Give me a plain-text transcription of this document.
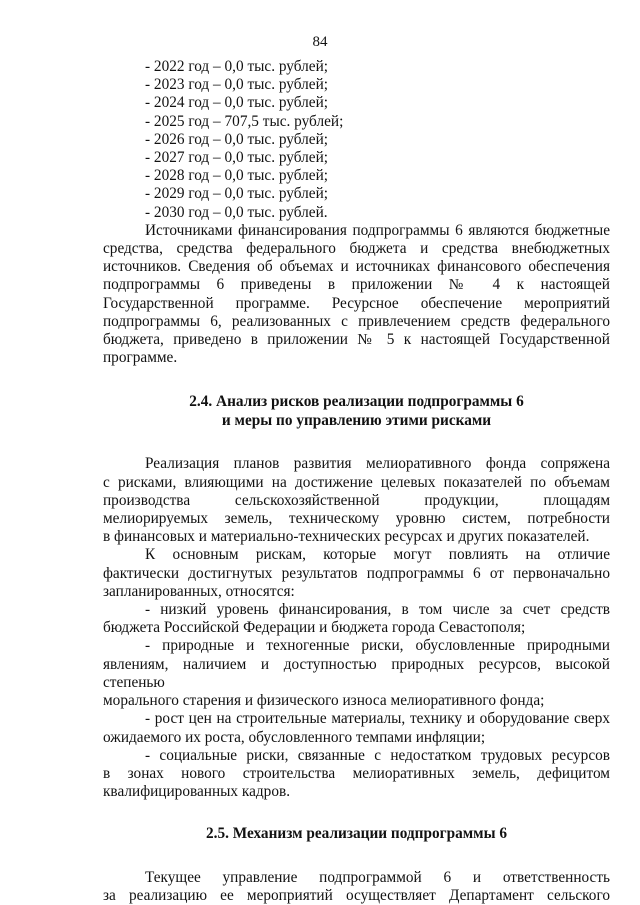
84
- 2022 год – 0,0 тыс. рублей;
- 2023 год – 0,0 тыс. рублей;
- 2024 год – 0,0 тыс. рублей;
- 2025 год – 707,5 тыс. рублей;
- 2026 год – 0,0 тыс. рублей;
- 2027 год – 0,0 тыс. рублей;
- 2028 год – 0,0 тыс. рублей;
- 2029 год – 0,0 тыс. рублей;
- 2030 год – 0,0 тыс. рублей.
Источниками финансирования подпрограммы 6 являются бюджетные
средства, средства федерального бюджета и средства внебюджетных
источников. Сведения об объемах и источниках финансового обеспечения
подпрограммы 6 приведены в приложении № 4 к настоящей
Государственной программе. Ресурсное обеспечение мероприятий
подпрограммы 6, реализованных с привлечением средств федерального
бюджета, приведено в приложении № 5 к настоящей Государственной
программе.
2.4. Анализ рисков реализации подпрограммы 6
и меры по управлению этими рисками
Реализация планов развития мелиоративного фонда сопряжена
с рисками, влияющими на достижение целевых показателей по объемам
производства сельскохозяйственной продукции, площадям
мелиорируемых земель, техническому уровню систем, потребности
в финансовых и материально-технических ресурсах и других показателей.
К основным рискам, которые могут повлиять на отличие
фактически достигнутых результатов подпрограммы 6 от первоначально
запланированных, относятся:
- низкий уровень финансирования, в том числе за счет средств
бюджета Российской Федерации и бюджета города Севастополя;
- природные и техногенные риски, обусловленные природными
явлениям, наличием и доступностью природных ресурсов, высокой степенью
морального старения и физического износа мелиоративного фонда;
- рост цен на строительные материалы, технику и оборудование сверх
ожидаемого их роста, обусловленного темпами инфляции;
- социальные риски, связанные с недостатком трудовых ресурсов
в зонах нового строительства мелиоративных земель, дефицитом
квалифицированных кадров.
2.5. Механизм реализации подпрограммы 6
Текущее управление подпрограммой 6 и ответственность
за реализацию ее мероприятий осуществляет Департамент сельского
